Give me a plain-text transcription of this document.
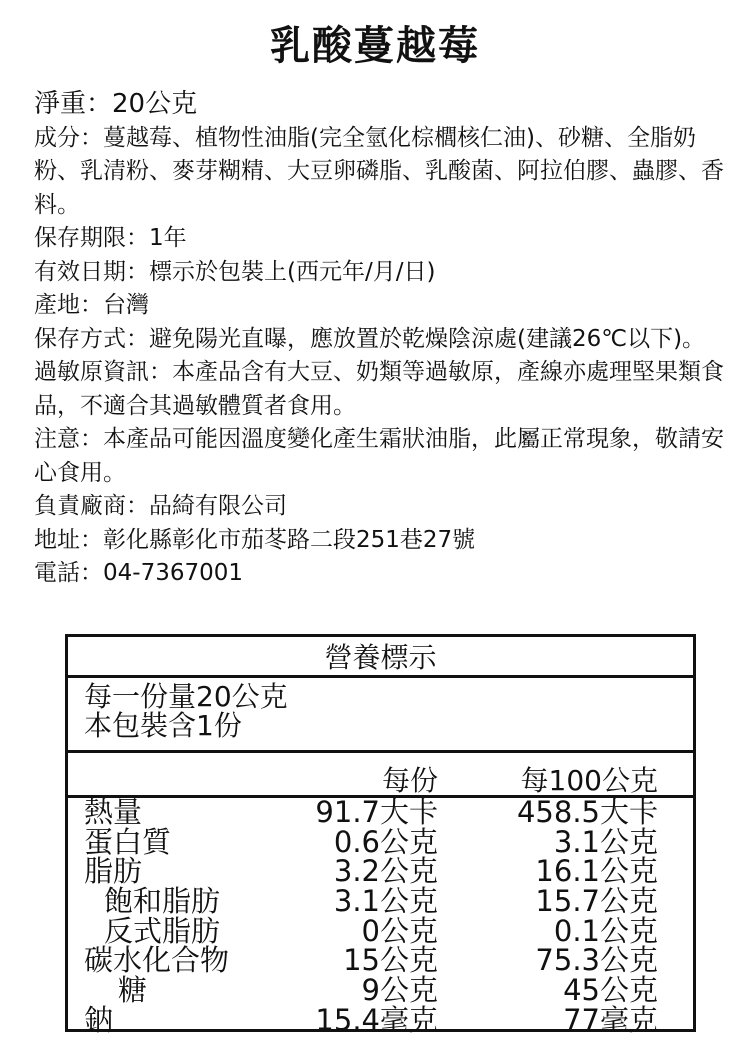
乳酸蔓越莓
淨重：20公克
成分：蔓越莓、植物性油脂(完全氫化棕櫚核仁油)、砂糖、全脂奶粉、乳清粉、麥芽糊精、大豆卵磷脂、乳酸菌、阿拉伯膠、蟲膠、香料。
保存期限：1年
有效日期：標示於包裝上(西元年/月/日)
產地：台灣
保存方式：避免陽光直曝，應放置於乾燥陰涼處(建議26℃以下)。
過敏原資訊：本產品含有大豆、奶類等過敏原，產線亦處理堅果類食品，不適合其過敏體質者食用。
注意：本產品可能因溫度變化產生霜狀油脂，此屬正常現象，敬請安心食用。
負責廠商：品綺有限公司
地址：彰化縣彰化市茄苳路二段251巷27號
電話：04-7367001
營養標示
每一份量20公克
本包裝含1份
每份	每100公克
熱量	91.7大卡	458.5大卡
蛋白質	0.6公克	3.1公克
脂肪	3.2公克	16.1公克
飽和脂肪	3.1公克	15.7公克
反式脂肪	0公克	0.1公克
碳水化合物	15公克	75.3公克
糖	9公克	45公克
鈉	15.4毫克	77毫克
